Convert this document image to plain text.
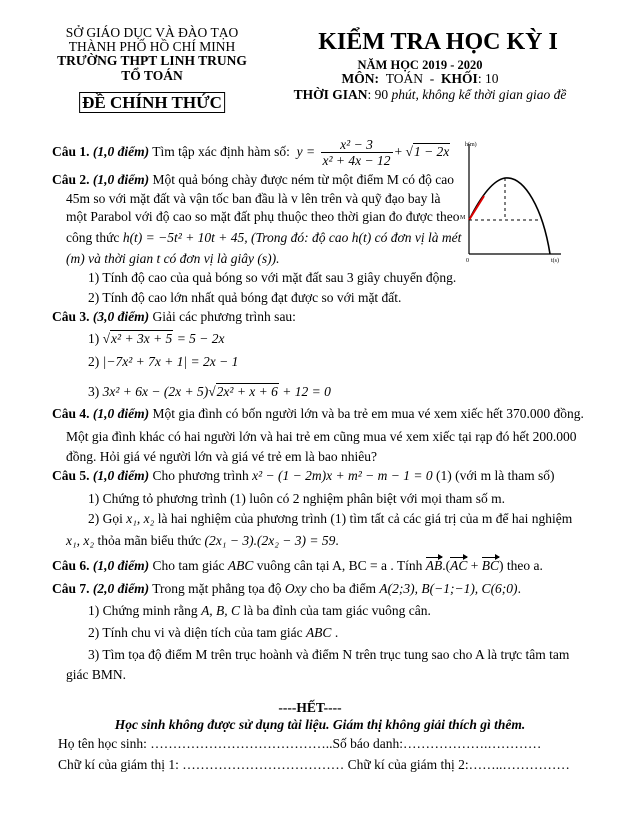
SỞ GIÁO DỤC VÀ ĐÀO TẠO
THÀNH PHỐ HỒ CHÍ MINH
TRƯỜNG THPT LINH TRUNG
TỔ TOÁN
ĐỀ CHÍNH THỨC
KIỂM TRA HỌC KỲ I
NĂM HỌC 2019 - 2020
MÔN: TOÁN  -  KHỐI: 10
THỜI GIAN: 90 phút, không kể thời gian giao đề
Câu 1. (1,0 điểm) Tìm tập xác định hàm số: $y = \frac{\text{x² − 3}}{\text{x² + 4x − 12}} + √1 - 2x$
Câu 2. (1,0 điểm) Một quả bóng chày được ném từ một điểm M có độ cao
45m so với mặt đất và vận tốc ban đầu là v lên trên và quỹ đạo bay là
một Parabol với độ cao so mặt đất phụ thuộc theo thời gian đo được theo
công thức h(t) = −5t² + 10t + 45, (Trong đó: độ cao h(t) có đơn vị là mét
(m) và thời gian t có đơn vị là giây (s)).
1) Tính độ cao của quả bóng so với mặt đất sau 3 giây chuyển động.
2) Tính độ cao lớn nhất quả bóng đạt được so với mặt đất.
h(m)
t(s)
0
M
Câu 3. (3,0 điểm) Giải các phương trình sau:
1) √x² + 3x + 5 = 5 − 2x
2) |−7x² + 7x + 1| = 2x − 1
3) 3x² + 6x − (2x + 5)√2x² + x + 6 + 12 = 0
Câu 4. (1,0 điểm) Một gia đình có bốn người lớn và ba trẻ em mua vé xem xiếc hết 370.000 đồng.
Một gia đình khác có hai người lớn và hai trẻ em cũng mua vé xem xiếc tại rạp đó hết 200.000
đồng. Hỏi giá vé người lớn và giá vé trẻ em là bao nhiêu?
Câu 5. (1,0 điểm) Cho phương trình x² − (1 − 2m)x + m² − m − 1 = 0 (1) (với m là tham số)
1) Chứng tỏ phương trình (1) luôn có 2 nghiệm phân biệt với mọi tham số m.
2) Gọi x₁, x₂ là hai nghiệm của phương trình (1) tìm tất cả các giá trị của m để hai nghiệm
x₁, x₂ thỏa mãn biểu thức (2x₁ − 3).(2x₂ − 3) = 59.
Câu 6. (1,0 điểm) Cho tam giác ABC vuông cân tại A, BC = a . Tính AB.(AC + BC) theo a.
Câu 7. (2,0 điểm) Trong mặt phẳng tọa độ Oxy cho ba điểm A(2;3), B(−1;−1), C(6;0).
1) Chứng minh rằng A, B, C là ba đỉnh của tam giác vuông cân.
2) Tính chu vi và diện tích của tam giác ABC .
3) Tìm tọa độ điểm M trên trục hoành và điểm N trên trục tung sao cho A là trực tâm tam
giác BMN.
----HẾT----
Học sinh không được sử dụng tài liệu. Giám thị không giải thích gì thêm.
Họ tên học sinh: …………………………………..Số báo danh:……………….…………
Chữ kí của giám thị 1: ……………………………… Chữ kí của giám thị 2:……..……………
